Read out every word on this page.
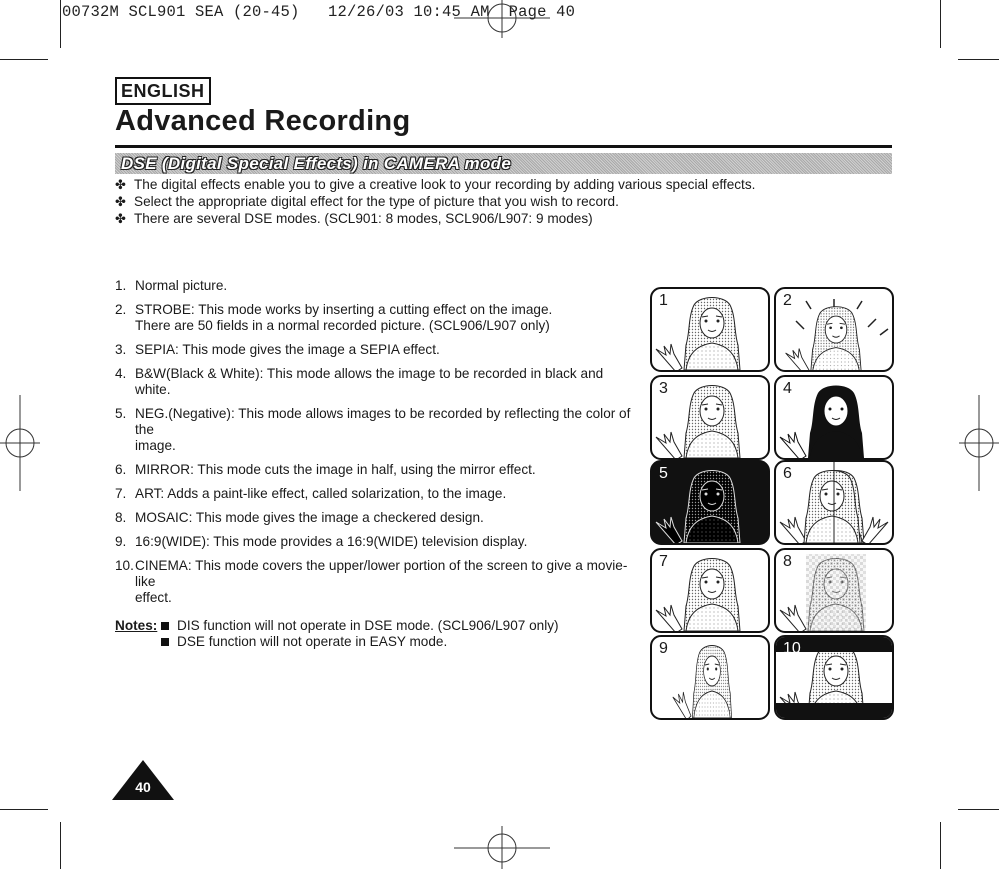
00732M SCL901 SEA (20-45)   12/26/03 10:45 AM  Page 40
ENGLISH
Advanced Recording
DSE (Digital Special Effects) in CAMERA mode
✤ The digital effects enable you to give a creative look to your recording by adding various special effects.
✤ Select the appropriate digital effect for the type of picture that you wish to record.
✤ There are several DSE modes. (SCL901: 8 modes, SCL906/L907: 9 modes)
1. Normal picture.
2. STROBE: This mode works by inserting a cutting effect on the image.
There are 50 fields in a normal recorded picture. (SCL906/L907 only)
3. SEPIA: This mode gives the image a SEPIA effect.
4. B&W(Black & White): This mode allows the image to be recorded in black and white.
5. NEG.(Negative): This mode allows images to be recorded by reflecting the color of the
image.
6. MIRROR: This mode cuts the image in half, using the mirror effect.
7. ART: Adds a paint-like effect, called solarization, to the image.
8. MOSAIC: This mode gives the image a checkered design.
9. 16:9(WIDE): This mode provides a 16:9(WIDE) television display.
10. CINEMA: This mode covers the upper/lower portion of the screen to give a movie-like
effect.
Notes:	DIS function will not operate in DSE mode. (SCL906/L907 only)
DSE function will not operate in EASY mode.
1	2
3	4
5	6
7	8
9	10
40
